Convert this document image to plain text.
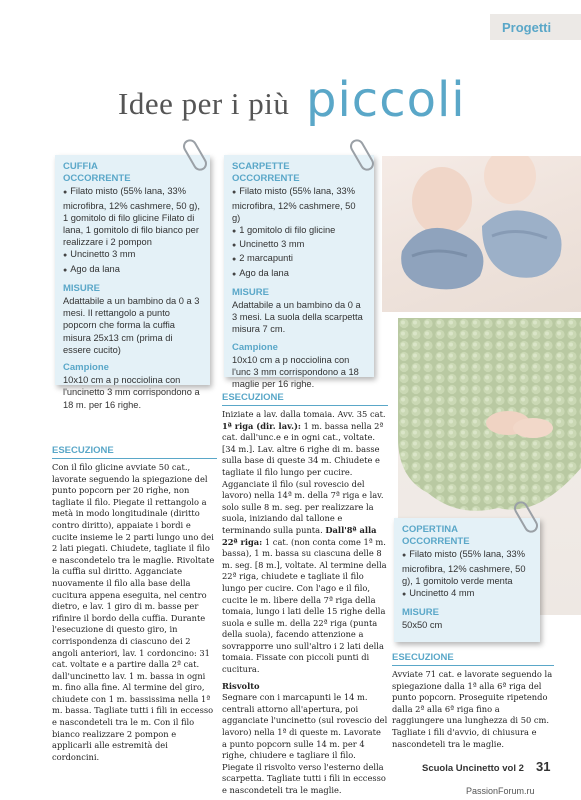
Progetti
Idee per i più piccoli
CUFFIA
OCCORRENTE
● Filato misto (55% lana, 33% microfibra, 12% cashmere, 50 g), 1 gomitolo di filo glicine Filato di lana, 1 gomitolo di filo bianco per realizzare i 2 pompon
● Uncinetto 3 mm
● Ago da lana
MISURE
Adattabile a un bambino da 0 a 3 mesi. Il rettangolo a punto popcorn che forma la cuffia misura 25x13 cm (prima di essere cucito)
Campione
10x10 cm a p nocciolina con l'uncinetto 3 mm corrispondono a 18 m. per 16 righe.
SCARPETTE
OCCORRENTE
● Filato misto (55% lana, 33% microfibra, 12% cashmere, 50 g)
● 1 gomitolo di filo glicine
● Uncinetto 3 mm
● 2 marcapunti
● Ago da lana
MISURE
Adattabile a un bambino da 0 a 3 mesi. La suola della scarpetta misura 7 cm.
Campione
10x10 cm a p nocciolina con l'unc 3 mm corrispondono a 18 maglie per 16 righe.
COPERTINA
OCCORRENTE
● Filato misto (55% lana, 33% microfibra, 12% cashmere, 50 g), 1 gomitolo verde menta
● Uncinetto 4 mm
MISURE
50x50 cm
ESECUZIONE
Con il filo glicine avviate 50 cat., lavorate seguendo la spiegazione del punto popcorn per 20 righe, non tagliate il filo. Piegate il rettangolo a metà in modo longitudinale (diritto contro diritto), appaiate i bordi e cucite insieme le 2 parti lungo uno dei 2 lati piegati. Chiudete, tagliate il filo e nascondetelo tra le maglie. Rivoltate la cuffia sul diritto. Agganciate nuovamente il filo alla base della cucitura appena eseguita, nel centro dietro, e lav. 1 giro di m. basse per rifinire il bordo della cuffia. Durante l'esecuzione di questo giro, in corrispondenza di ciascuno dei 2 angoli anteriori, lav. 1 cordoncino: 31 cat. voltate e a partire dalla 2ª cat. dall'uncinetto lav. 1 m. bassa in ogni m. fino alla fine. Al termine del giro, chiudete con 1 m. bassissima nella 1ª m. bassa. Tagliate tutti i fili in eccesso e nascondeteli tra le m. Con il filo bianco realizzare 2 pompon e applicarli alle estremità dei cordoncini.
ESECUZIONE
Iniziate a lav. dalla tomaia. Avv. 35 cat. 1ª riga (dir. lav.): 1 m. bassa nella 2ª cat. dall'unc.e e in ogni cat., voltate. [34 m.]. Lav. altre 6 righe di m. basse sulla base di queste 34 m. Chiudete e tagliate il filo lungo per cucire. Agganciate il filo (sul rovescio del lavoro) nella 14ª m. della 7ª riga e lav. solo sulle 8 m. seg. per realizzare la suola, iniziando dal tallone e terminando sulla punta. Dall'8ª alla 22ª riga: 1 cat. (non conta come 1ª m. bassa), 1 m. bassa su ciascuna delle 8 m. seg. [8 m.], voltate. Al termine della 22ª riga, chiudete e tagliate il filo lungo per cucire. Con l'ago e il filo, cucite le m. libere della 7ª riga della tomaia, lungo i lati delle 15 righe della suola e sulle m. della 22ª riga (punta della suola), facendo attenzione a sovrapporre uno sull'altro i 2 lati della tomaia. Fissate con piccoli punti di cucitura.
Risvolto
Segnare con i marcapunti le 14 m. centrali attorno all'apertura, poi agganciate l'uncinetto (sul rovescio del lavoro) nella 1ª di queste m. Lavorate a punto popcorn sulle 14 m. per 4 righe, chiudere e tagliare il filo. Piegate il risvolto verso l'esterno della scarpetta. Tagliate tutti i fili in eccesso e nascondeteli tra le maglie.
ESECUZIONE
Avviate 71 cat. e lavorate seguendo la spiegazione dalla 1ª alla 6ª riga del punto popcorn. Proseguite ripetendo dalla 2ª alla 6ª riga fino a raggiungere una lunghezza di 50 cm. Tagliate i fili d'avvio, di chiusura e nascondeteli tra le maglie.
Scuola Uncinetto vol 2 31
PassionForum.ru
